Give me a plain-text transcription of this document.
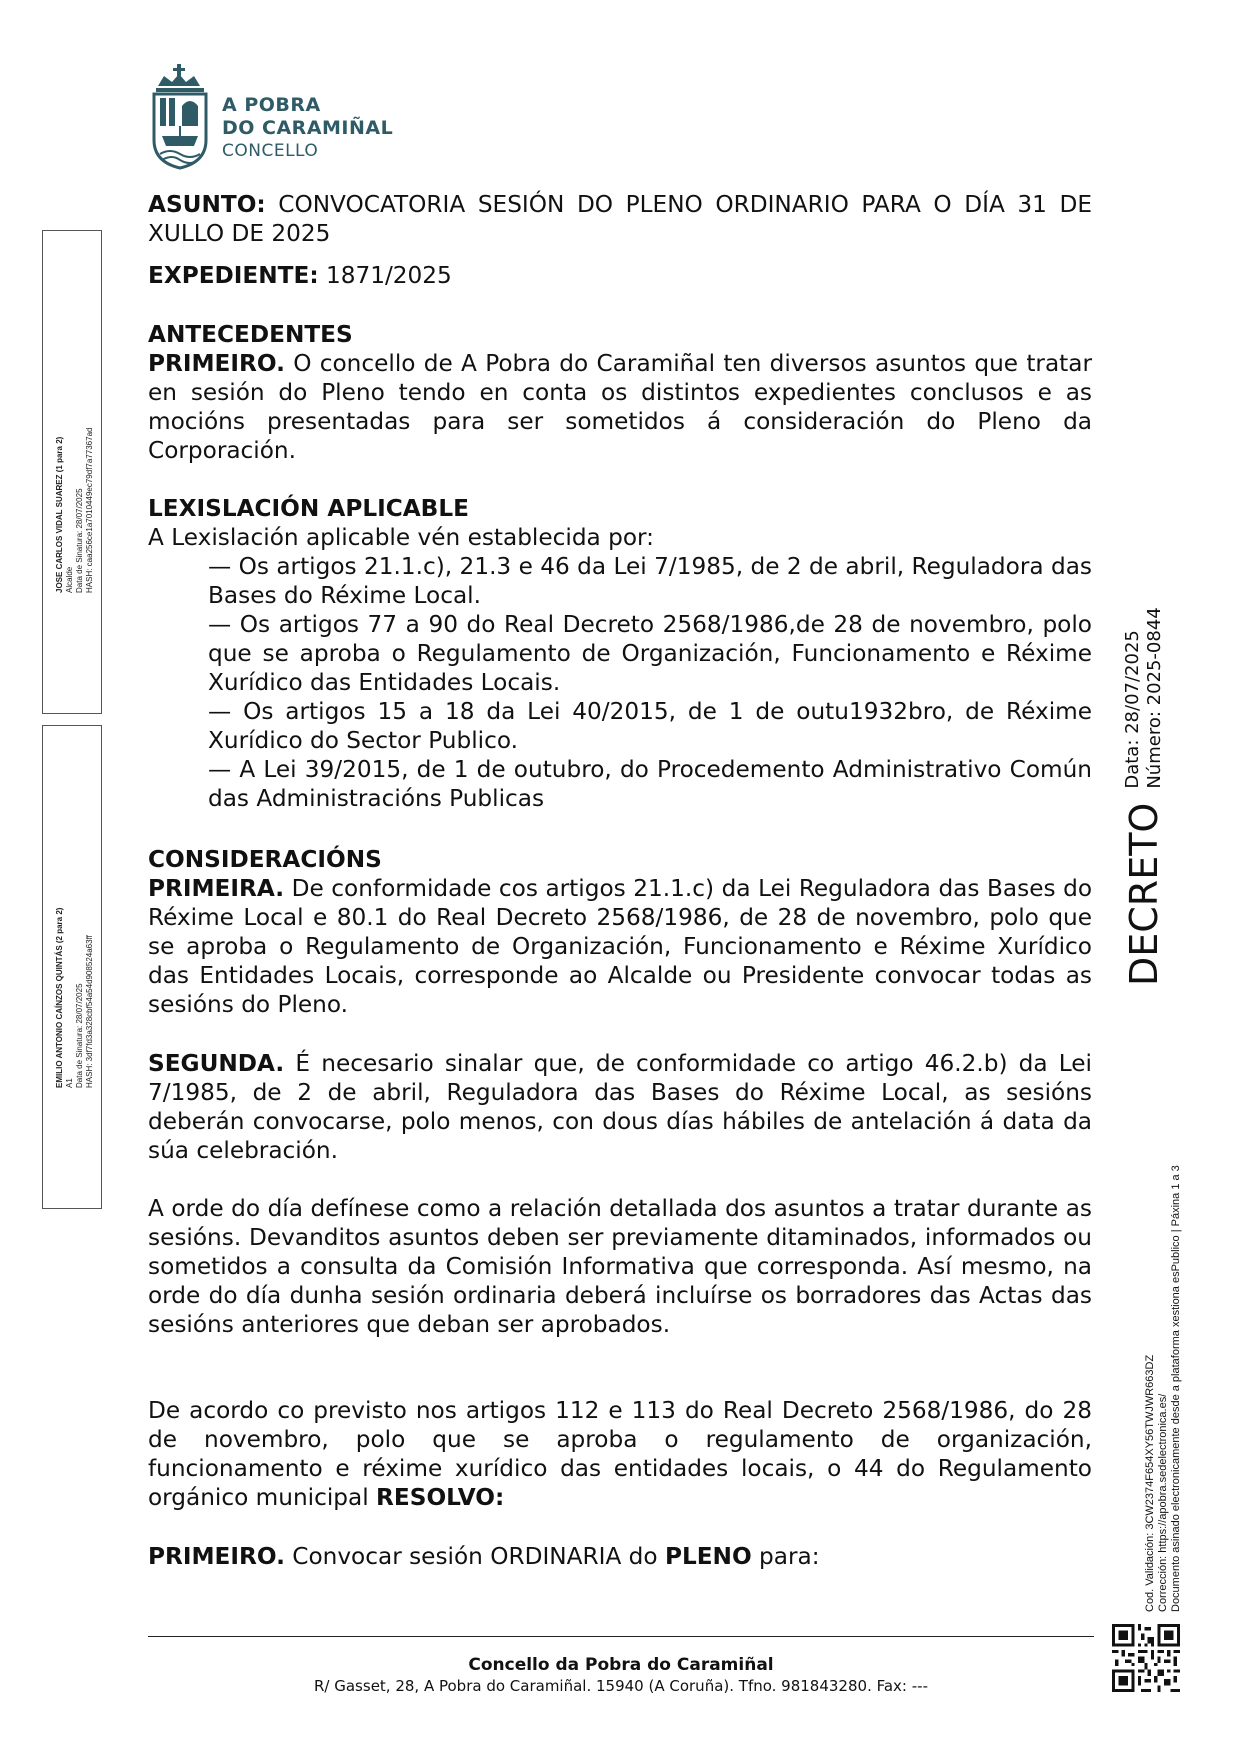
A POBRA
DO CARAMIÑAL
CONCELLO
ASUNTO: CONVOCATORIA SESIÓN DO PLENO ORDINARIO PARA O DÍA 31 DE XULLO DE 2025
EXPEDIENTE: 1871/2025
ANTECEDENTES

PRIMEIRO. O concello de A Pobra do Caramiñal ten diversos asuntos que tratar en sesión do Pleno tendo en conta os distintos expedientes conclusos e as mocións presentadas para ser sometidos á consideración do Pleno da Corporación.

LEXISLACIÓN APLICABLE
A Lexislación aplicable vén establecida por:

— Os artigos 21.1.c), 21.3 e 46 da Lei 7/1985, de 2 de abril, Reguladora das Bases do Réxime Local.

— Os artigos 77 a 90 do Real Decreto 2568/1986,de 28 de novembro, polo que se aproba o Regulamento de Organización, Funcionamento e Réxime Xurídico das Entidades Locais.

— Os artigos 15 a 18 da Lei 40/2015, de 1 de outu1932bro, de Réxime Xurídico do Sector Publico.

— A Lei 39/2015, de 1 de outubro, do Procedemento Administrativo Común das Administracións Publicas

CONSIDERACIÓNS

PRIMEIRA. De conformidade cos artigos 21.1.c) da Lei Reguladora das Bases do Réxime Local e 80.1 do Real Decreto 2568/1986, de 28 de novembro, polo que se aproba o Regulamento de Organización, Funcionamento e Réxime Xurídico das Entidades Locais, corresponde ao Alcalde ou Presidente convocar todas as sesións do Pleno.

SEGUNDA. É necesario sinalar que, de conformidade co artigo 46.2.b) da Lei 7/1985, de 2 de abril, Reguladora das Bases do Réxime Local, as sesións deberán convocarse, polo menos, con dous días hábiles de antelación á data da súa celebración.
A orde do día defínese como a relación detallada dos asuntos a tratar durante as sesións. Devanditos asuntos deben ser previamente ditaminados, informados ou sometidos a consulta da Comisión Informativa que corresponda. Así mesmo, na orde do día dunha sesión ordinaria deberá incluírse os borradores das Actas das sesións anteriores que deban ser aprobados.
De acordo co previsto nos artigos 112 e 113 do Real Decreto 2568/1986, do 28 de novembro, polo que se aproba o regulamento de organización, funcionamento e réxime xurídico das entidades locais, o 44 do Regulamento orgánico municipal RESOLVO:
PRIMEIRO. Convocar sesión ORDINARIA do PLENO para:
JOSE CARLOS VIDAL SUAREZ (1 para 2) Alcalde Data de Sinatura: 28/07/2025 HASH: caa256ce1a7010449ec79df7a77367ad
EMILIO ANTONIO CAÍNZOS QUINTÁS (2 para 2) A1 Data de Sinatura: 28/07/2025 HASH: 3df7fd3a328cbf54a54d908524a63ff
DECRETOData: 28/07/2025
Número: 2025-0844
Cod. Validación: 3CW2374F654XY56TWJWR663DZ Corrección: https://apobra.sedelectronica.es/ Documento asinado electronicamente desde a plataforma xestiona esPublico | Páxina 1 a 3
Concello da Pobra do Caramiñal
R/ Gasset, 28, A Pobra do Caramiñal. 15940 (A Coruña). Tfno. 981843280. Fax: ---
